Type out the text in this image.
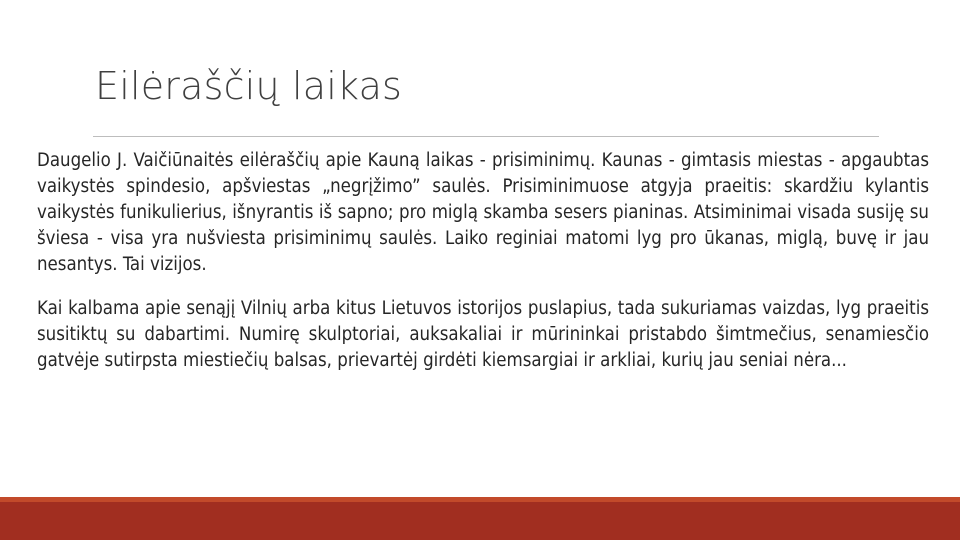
Eilėraščių laikas

Daugelio J. Vaičiūnaitės eilėraščių apie Kauną laikas - prisiminimų. Kaunas - gimtasis miestas - apgaubtas vaikystės spindesio, apšviestas „negrįžimo” saulės. Prisiminimuose atgyja praeitis: skardžiu kylantis vaikystės funikulierius, išnyrantis iš sapno; pro miglą skamba sesers pianinas. Atsiminimai visada susiję su šviesa - visa yra nušviesta prisiminimų saulės. Laiko reginiai matomi lyg pro ūkanas, miglą, buvę ir jau nesantys. Tai vizijos.

Kai kalbama apie senąjį Vilnių arba kitus Lietuvos istorijos puslapius, tada sukuriamas vaizdas, lyg praeitis susitiktų su dabartimi. Numirę skulptoriai, auksakaliai ir mūrininkai pristabdo šimtmečius, senamiesčio gatvėje sutirpsta miestiečių balsas, prievartėj girdėti kiemsargiai ir arkliai, kurių jau seniai nėra...
